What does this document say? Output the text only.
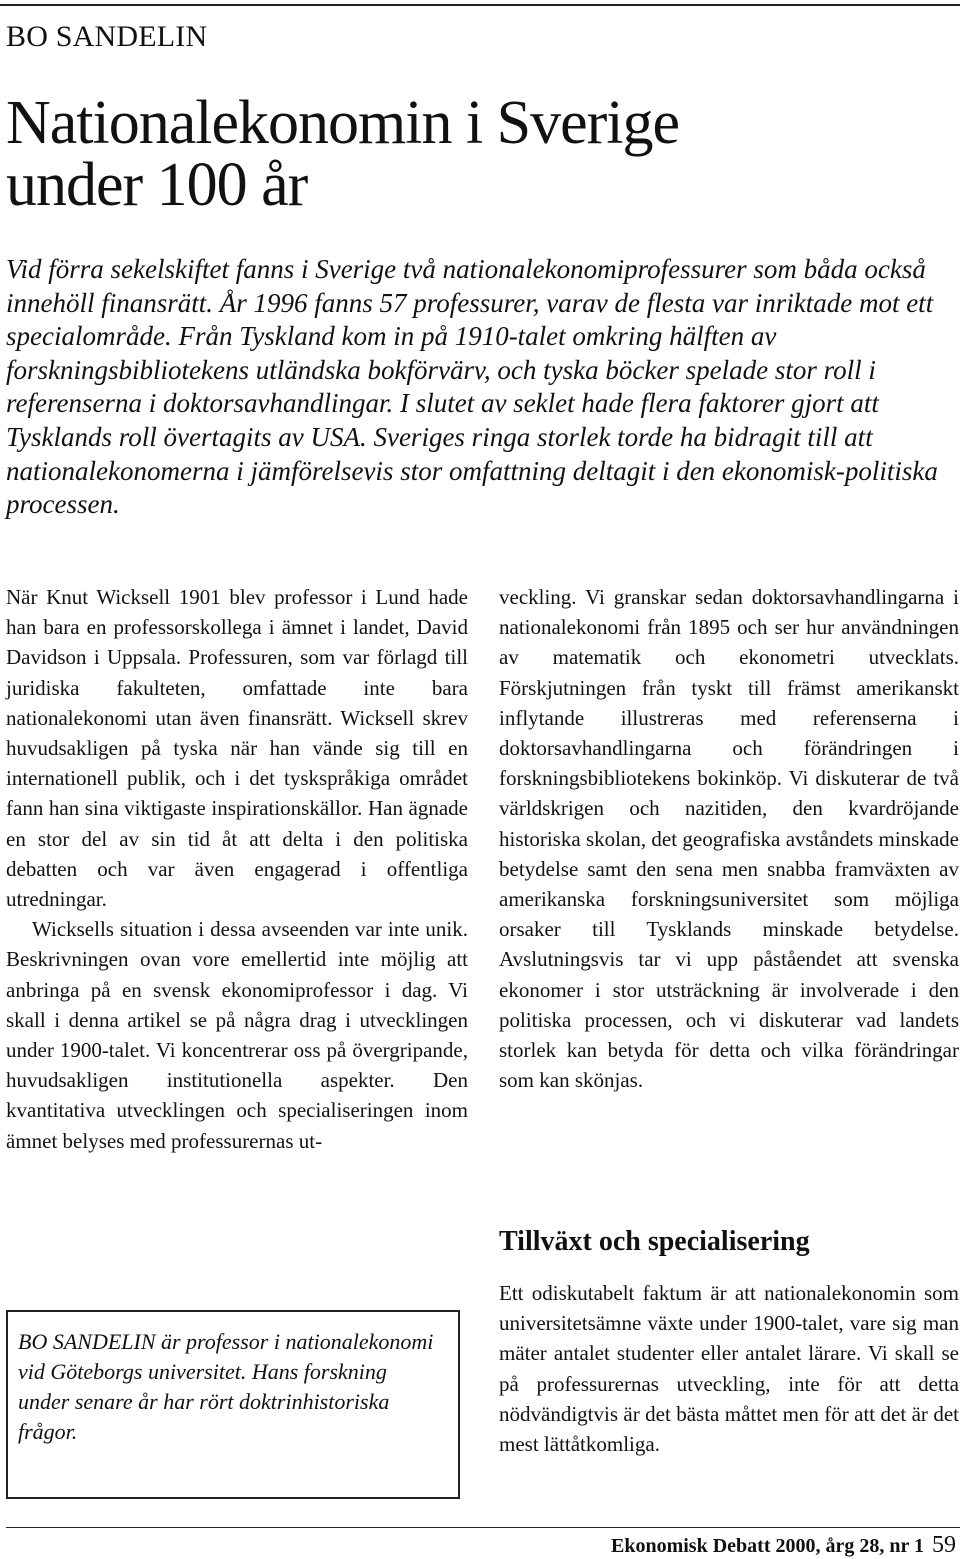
BO SANDELIN
Nationalekonomin i Sverige
under 100 år

Vid förra sekelskiftet fanns i Sverige två nationalekonomiprofessurer som båda också innehöll finansrätt. År 1996 fanns 57 professurer, varav de flesta var inriktade mot ett specialområde. Från Tyskland kom in på 1910-talet omkring hälften av forskningsbibliotekens utländska bokförvärv, och tyska böcker spelade stor roll i referenserna i doktorsavhandlingar. I slutet av seklet hade flera faktorer gjort att Tysklands roll övertagits av USA. Sveriges ringa storlek torde ha bidragit till att nationalekonomerna i jämförelsevis stor omfattning deltagit i den ekonomisk-politiska processen.

När Knut Wicksell 1901 blev professor i Lund hade han bara en professorskollega i ämnet i landet, David Davidson i Uppsala. Professuren, som var förlagd till juridiska fakulteten, omfattade inte bara nationalekonomi utan även finansrätt. Wicksell skrev huvudsakligen på tyska när han vände sig till en internationell publik, och i det tyskspråkiga området fann han sina viktigaste inspirationskällor. Han ägnade en stor del av sin tid åt att delta i den politiska debatten och var även engagerad i offentliga utredningar.

Wicksells situation i dessa avseenden var inte unik. Beskrivningen ovan vore emellertid inte möjlig att anbringa på en svensk ekonomiprofessor i dag. Vi skall i denna artikel se på några drag i utvecklingen under 1900-talet. Vi koncentrerar oss på övergripande, huvudsakligen institutionella aspekter. Den kvantitativa utvecklingen och specialiseringen inom ämnet belyses med professurernas ut-

BO SANDELIN är professor i nationalekonomi vid Göteborgs universitet. Hans forskning under senare år har rört doktrinhistoriska frågor.

veckling. Vi granskar sedan doktorsavhandlingarna i nationalekonomi från 1895 och ser hur användningen av matematik och ekonometri utvecklats. Förskjutningen från tyskt till främst amerikanskt inflytande illustreras med referenserna i doktorsavhandlingarna och förändringen i forskningsbibliotekens bokinköp. Vi diskuterar de två världskrigen och nazitiden, den kvardröjande historiska skolan, det geografiska avståndets minskade betydelse samt den sena men snabba framväxten av amerikanska forskningsuniversitet som möjliga orsaker till Tysklands minskade betydelse. Avslutningsvis tar vi upp påståendet att svenska ekonomer i stor utsträckning är involverade i den politiska processen, och vi diskuterar vad landets storlek kan betyda för detta och vilka förändringar som kan skönjas.

Tillväxt och specialisering

Ett odiskutabelt faktum är att nationalekonomin som universitetsämne växte under 1900-talet, vare sig man mäter antalet studenter eller antalet lärare. Vi skall se på professurernas utveckling, inte för att detta nödvändigtvis är det bästa måttet men för att det är det mest lättåtkomliga.

Ekonomisk Debatt 2000, årg 28, nr 1 59
